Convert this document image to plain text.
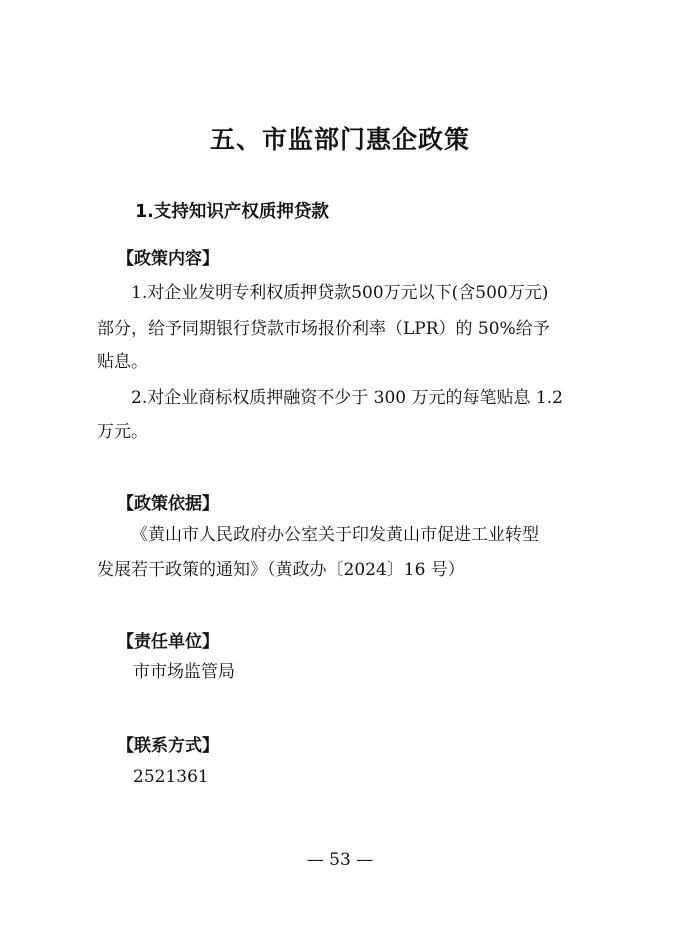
五、市监部门惠企政策
1.支持知识产权质押贷款
【政策内容】
1.对企业发明专利权质押贷款500万元以下(含500万元)
部分，给予同期银行贷款市场报价利率（LPR）的 50%给予
贴息。
2.对企业商标权质押融资不少于 300 万元的每笔贴息 1.2
万元。
【政策依据】
《黄山市人民政府办公室关于印发黄山市促进工业转型
发展若干政策的通知》（黄政办〔2024〕16 号）
【责任单位】
市市场监管局
【联系方式】
2521361
— 53 —
